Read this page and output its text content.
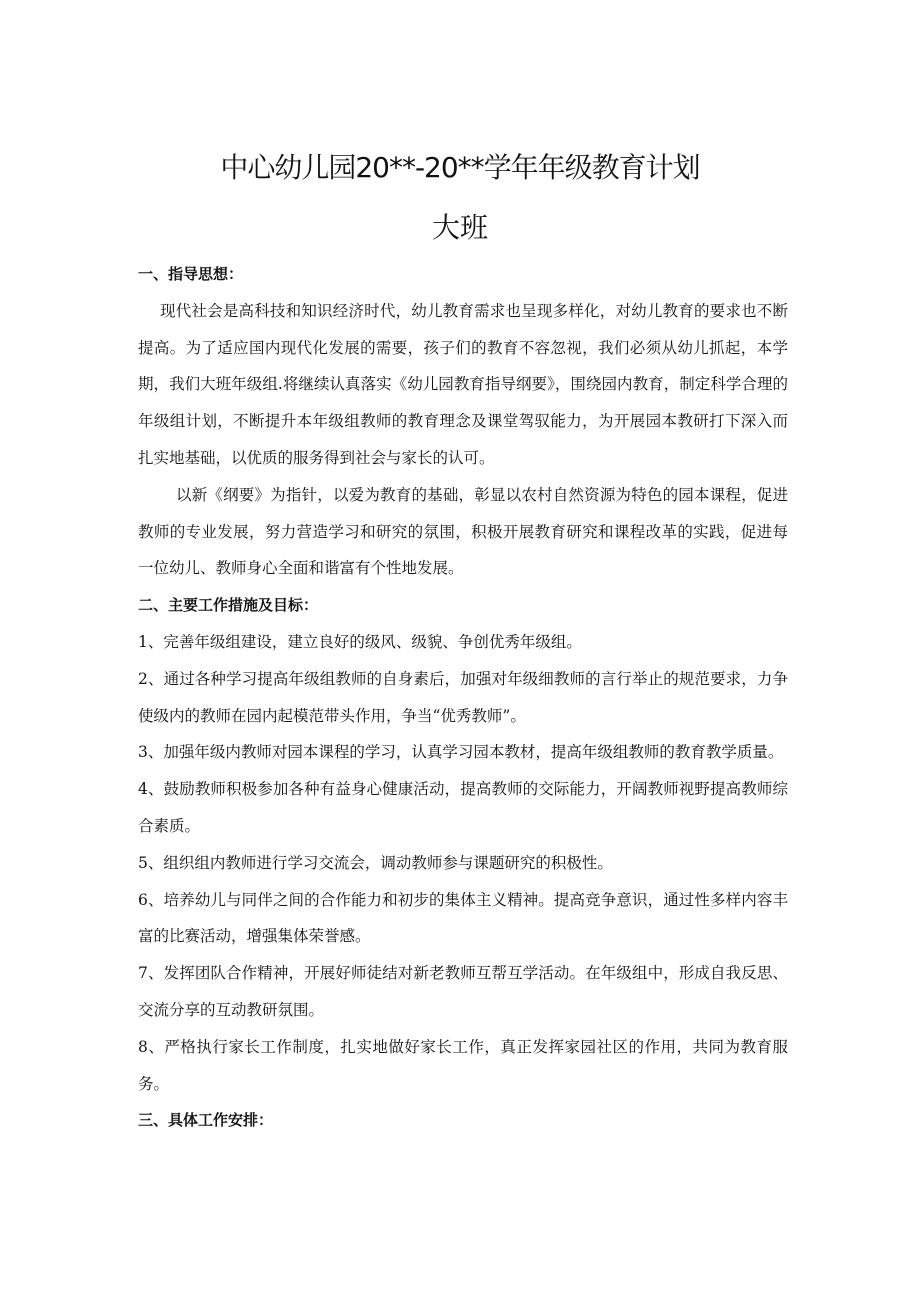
中心幼儿园20**-20**学年年级教育计划
大班

一、指导思想：

现代社会是高科技和知识经济时代，幼儿教育需求也呈现多样化，对幼儿教育的要求也不断提高。为了适应国内现代化发展的需要，孩子们的教育不容忽视，我们必须从幼儿抓起，本学期，我们大班年级组.将继续认真落实《幼儿园教育指导纲要》，围绕园内教育，制定科学合理的年级组计划，不断提升本年级组教师的教育理念及课堂驾驭能力，为开展园本教研打下深入而扎实地基础，以优质的服务得到社会与家长的认可。

以新《纲要》为指针，以爱为教育的基础，彰显以农村自然资源为特色的园本课程，促进教师的专业发展，努力营造学习和研究的氛围，积极开展教育研究和课程改革的实践，促进每一位幼儿、教师身心全面和谐富有个性地发展。

二、主要工作措施及目标：

1、完善年级组建设，建立良好的级风、级貌、争创优秀年级组。

2、通过各种学习提高年级组教师的自身素后，加强对年级细教师的言行举止的规范要求，力争使级内的教师在园内起模范带头作用，争当“优秀教师”。

3、加强年级内教师对园本课程的学习，认真学习园本教材，提高年级组教师的教育教学质量。

4、鼓励教师积极参加各种有益身心健康活动，提高教师的交际能力，开阔教师视野提高教师综合素质。

5、组织组内教师进行学习交流会，调动教师参与课题研究的积极性。

6、培养幼儿与同伴之间的合作能力和初步的集体主义精神。提高竞争意识，通过性多样内容丰富的比赛活动，增强集体荣誉感。

7、发挥团队合作精神，开展好师徒结对新老教师互帮互学活动。在年级组中，形成自我反思、交流分享的互动教研氛围。

8、严格执行家长工作制度，扎实地做好家长工作，真正发挥家园社区的作用，共同为教育服务。

三、具体工作安排：
